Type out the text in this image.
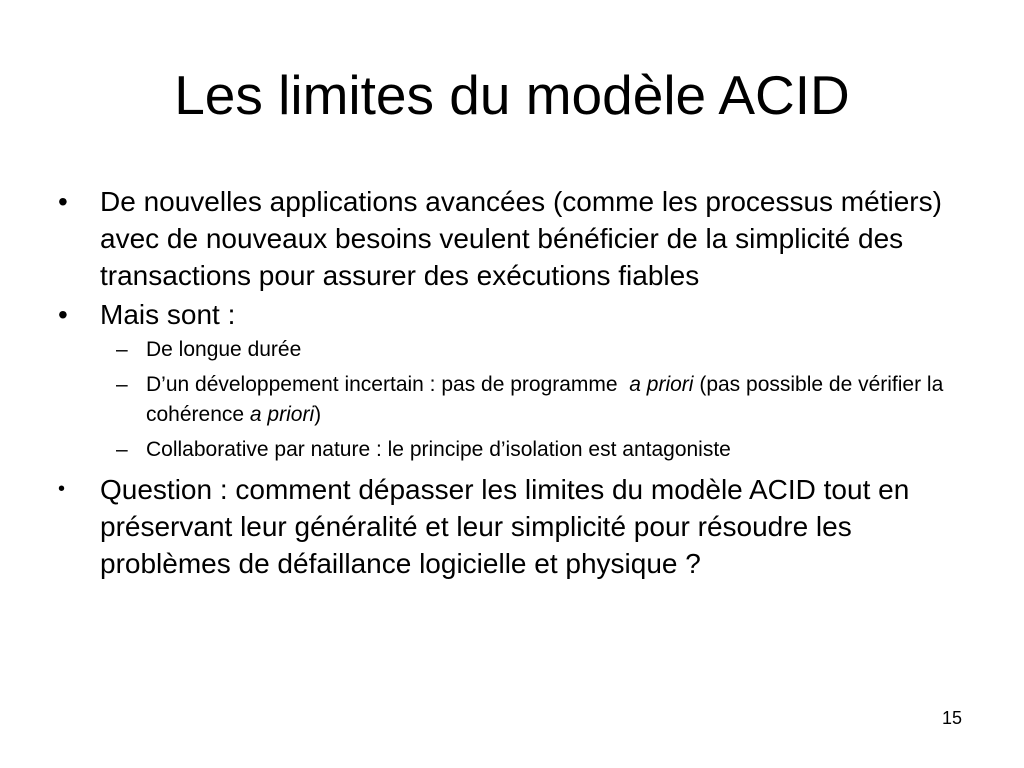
Les limites du modèle ACID
•	De nouvelles applications avancées (comme les processus métiers) avec de nouveaux besoins veulent bénéficier de la simplicité des transactions pour assurer des exécutions fiables
•	Mais sont :
– De longue durée
– D’un développement incertain : pas de programme a priori (pas possible de vérifier la cohérence a priori)
– Collaborative par nature : le principe d’isolation est antagoniste
•	Question : comment dépasser les limites du modèle ACID tout en préservant leur généralité et leur simplicité pour résoudre les problèmes de défaillance logicielle et physique ?
15
